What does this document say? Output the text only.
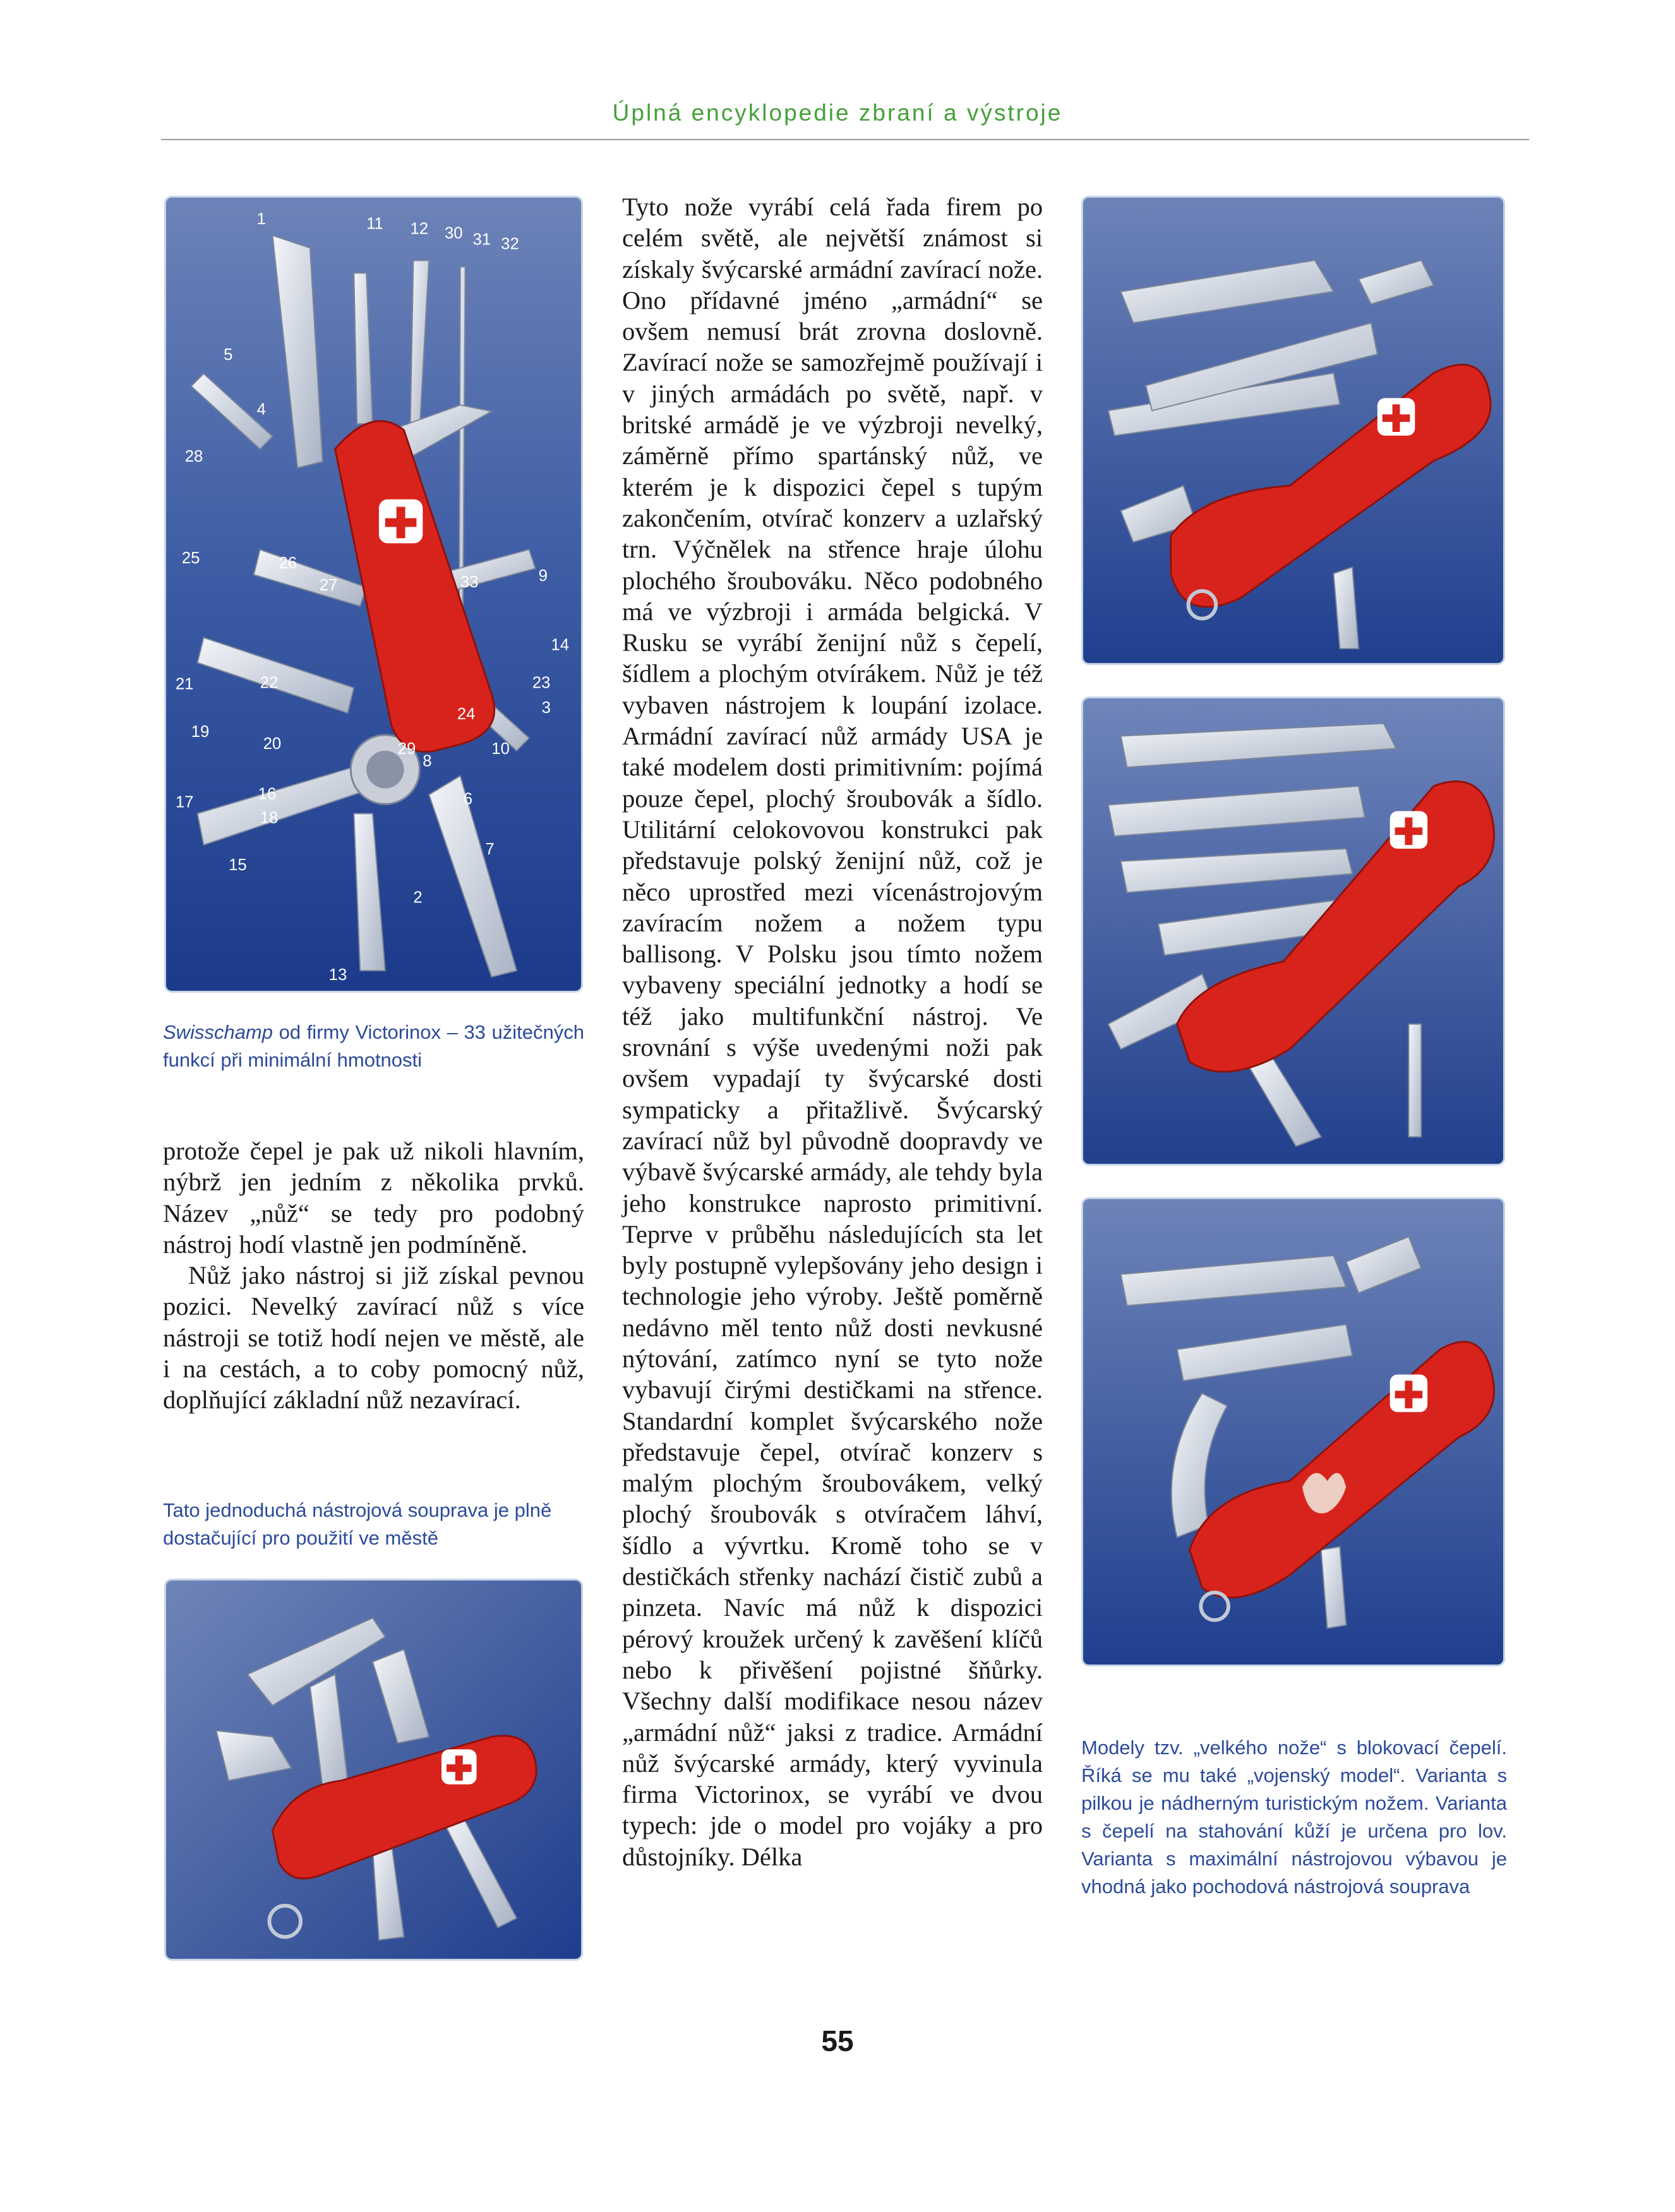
Úplná encyklopedie zbraní a výstroje
1	11 12 30 31 32
5
4
28
33	9
25	26
27
21	22
24
19
20	29
8
10
16
17
18
6
15
7
2
13
23
14
3
Swisschamp od firmy Victorinox – 33 užitečných funkcí při minimální hmotnosti

protože čepel je pak už nikoli hlavním, nýbrž jen jedním z několika prvků. Název „nůž“ se tedy pro podobný nástroj hodí vlastně jen podmíněně.

Nůž jako nástroj si již získal pevnou pozici. Nevelký zavírací nůž s více nástroji se totiž hodí nejen ve městě, ale i na cestách, a to coby pomocný nůž, doplňující základní nůž nezavírací.

Tato jednoduchá nástrojová souprava je plně dostačující pro použití ve městě
Tyto nože vyrábí celá řada firem po celém světě, ale největší známost si získaly švýcarské armádní zavírací nože. Ono přídavné jméno „armádní“ se ovšem nemusí brát zrovna doslovně. Zavírací nože se samozřejmě používají i v jiných armádách po světě, např. v britské armádě je ve výzbroji nevelký, záměrně přímo spartánský nůž, ve kterém je k dispozici čepel s tupým zakončením, otvírač konzerv a uzlařský trn. Výčnělek na střence hraje úlohu plochého šroubováku. Něco podobného má ve výzbroji i armáda belgická. V Rusku se vyrábí ženijní nůž s čepelí, šídlem a plochým otvírákem. Nůž je též vybaven nástrojem k loupání izolace. Armádní zavírací nůž armády USA je také modelem dosti primitivním: pojímá pouze čepel, plochý šroubovák a šídlo. Utilitární celokovovou konstrukci pak představuje polský ženijní nůž, což je něco uprostřed mezi vícenástrojovým zavíracím nožem a nožem typu ballisong. V Polsku jsou tímto nožem vybaveny speciální jednotky a hodí se též jako multifunkční nástroj. Ve srovnání s výše uvedenými noži pak ovšem vypadají ty švýcarské dosti sympaticky a přitažlivě. Švýcarský zavírací nůž byl původně doopravdy ve výbavě švýcarské armády, ale tehdy byla jeho konstrukce naprosto primitivní. Teprve v průběhu následujících sta let byly postupně vylepšovány jeho design i technologie jeho výroby. Ještě poměrně nedávno měl tento nůž dosti nevkusné nýtování, zatímco nyní se tyto nože vybavují čirými destičkami na střence. Standardní komplet švýcarského nože představuje čepel, otvírač konzerv s malým plochým šroubovákem, velký plochý šroubovák s otvíračem láhví, šídlo a vývrtku. Kromě toho se v destičkách střenky nachází čistič zubů a pinzeta. Navíc má nůž k dispozici pérový kroužek určený k zavěšení klíčů nebo k přivěšení pojistné šňůrky. Všechny další modifikace nesou název „armádní nůž“ jaksi z tradice. Armádní nůž švýcarské armády, který vyvinula firma Victorinox, se vyrábí ve dvou typech: jde o model pro vojáky a pro důstojníky. Délka
Modely tzv. „velkého nože“ s blokovací čepelí. Říká se mu také „vojenský model“. Varianta s pilkou je nádherným turistickým nožem. Varianta s čepelí na stahování kůží je určena pro lov. Varianta s maximální nástrojovou výbavou je vhodná jako pochodová nástrojová souprava
55
